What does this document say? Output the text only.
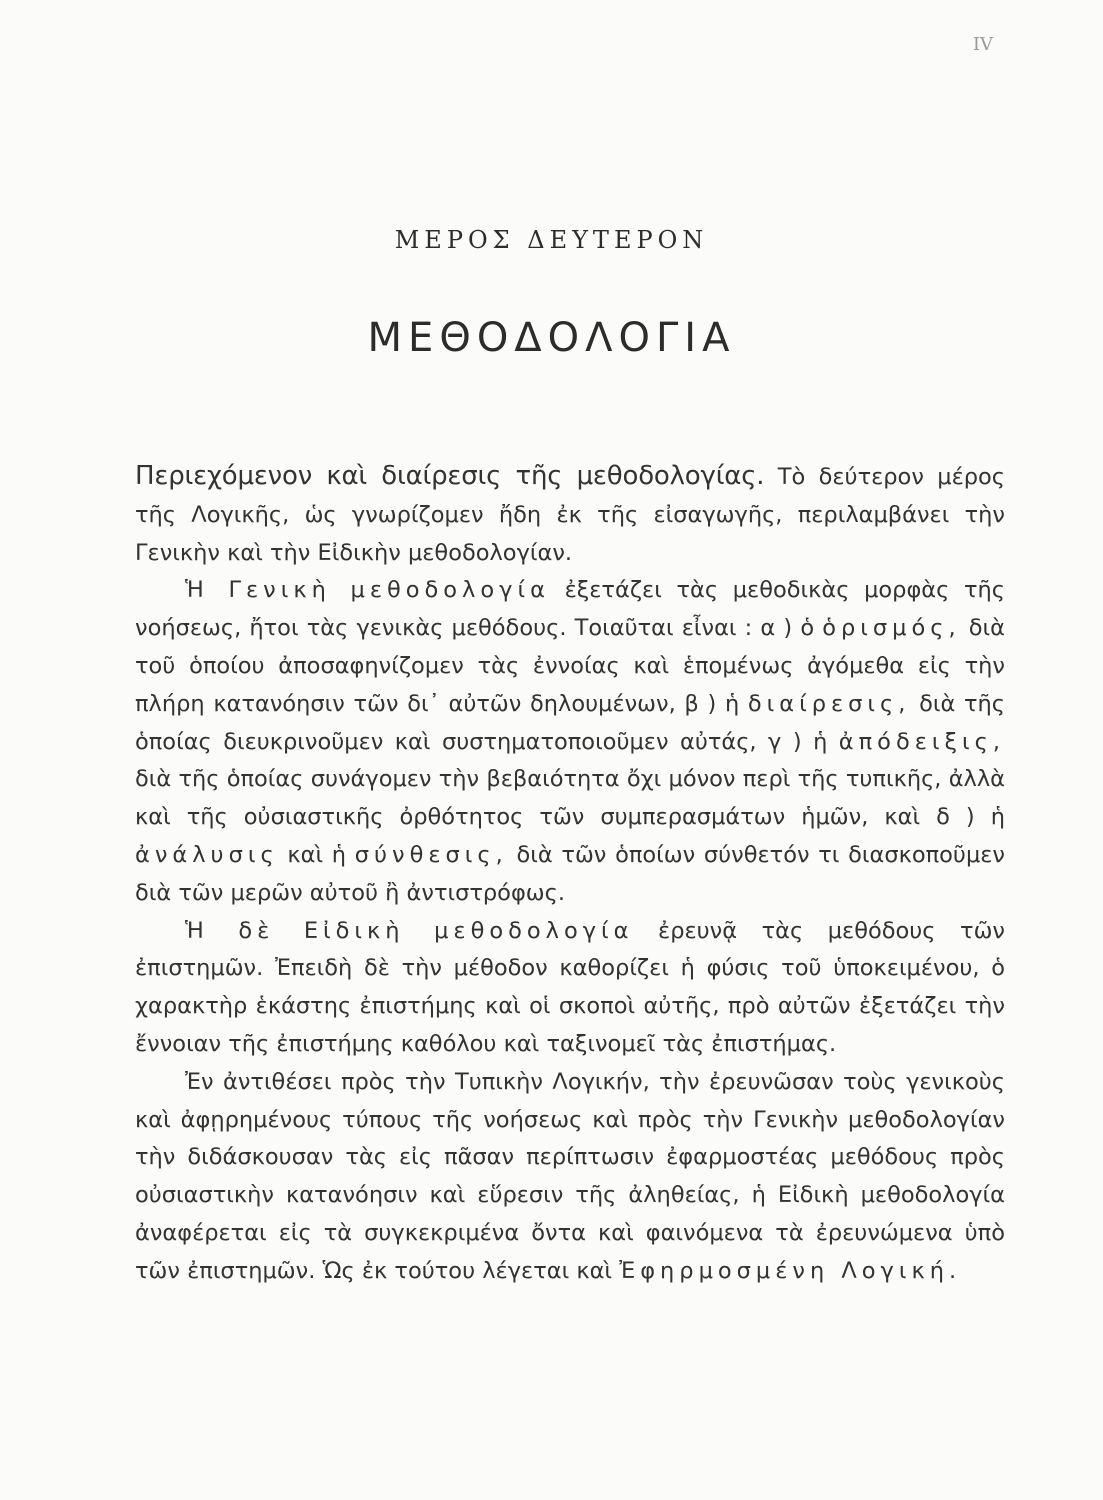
IV
ΜΕΡΟΣ ΔΕΥΤΕΡΟΝ
ΜΕΘΟΔΟΛΟΓΙΑ

Περιεχόμενον καὶ διαίρεσις τῆς μεθοδολογίας. Τὸ δεύτερον μέρος τῆς Λογικῆς, ὡς γνωρίζομεν ἤδη ἐκ τῆς εἰσαγωγῆς, περιλαμβάνει τὴν Γενικὴν καὶ τὴν Εἰδικὴν μεθοδολογίαν.

Ἡ Γενικὴ μεθοδολογία ἐξετάζει τὰς μεθοδικὰς μορφὰς τῆς νοήσεως, ἤτοι τὰς γενικὰς μεθόδους. Τοιαῦται εἶναι : α ) ὁ ὁρισμός, διὰ τοῦ ὁποίου ἀποσαφηνίζομεν τὰς ἐννοίας καὶ ἑπομένως ἀγόμεθα εἰς τὴν πλήρη κατανόησιν τῶν δι᾽ αὐτῶν δηλουμένων, β ) ἡ διαίρεσις, διὰ τῆς ὁποίας διευκρινοῦμεν καὶ συστηματοποιοῦμεν αὐτάς, γ ) ἡ ἀπόδειξις, διὰ τῆς ὁποίας συνάγομεν τὴν βεβαιότητα ὄχι μόνον περὶ τῆς τυπικῆς, ἀλλὰ καὶ τῆς οὐσιαστικῆς ὀρθότητος τῶν συμπερασμάτων ἡμῶν, καὶ δ ) ἡ ἀνάλυσις καὶ ἡ σύνθεσις, διὰ τῶν ὁποίων σύνθετόν τι διασκοποῦμεν διὰ τῶν μερῶν αὐτοῦ ἢ ἀντιστρόφως.

Ἡ δὲ Εἰδικὴ μεθοδολογία ἐρευνᾷ τὰς μεθόδους τῶν ἐπιστημῶν. Ἐπειδὴ δὲ τὴν μέθοδον καθορίζει ἡ φύσις τοῦ ὑποκειμένου, ὁ χαρακτὴρ ἑκάστης ἐπιστήμης καὶ οἱ σκοποὶ αὐτῆς, πρὸ αὐτῶν ἐξετάζει τὴν ἔννοιαν τῆς ἐπιστήμης καθόλου καὶ ταξινομεῖ τὰς ἐπιστήμας.

Ἐν ἀντιθέσει πρὸς τὴν Τυπικὴν Λογικήν, τὴν ἐρευνῶσαν τοὺς γενικοὺς καὶ ἀφῃρημένους τύπους τῆς νοήσεως καὶ πρὸς τὴν Γενικὴν μεθοδολογίαν τὴν διδάσκουσαν τὰς εἰς πᾶσαν περίπτωσιν ἐφαρμοστέας μεθόδους πρὸς οὐσιαστικὴν κατανόησιν καὶ εὕρεσιν τῆς ἀληθείας, ἡ Εἰδικὴ μεθοδολογία ἀναφέρεται εἰς τὰ συγκεκριμένα ὄντα καὶ φαινόμενα τὰ ἐρευνώμενα ὑπὸ τῶν ἐπιστημῶν. Ὡς ἐκ τούτου λέγεται καὶ Ἐφηρμοσμένη Λογική.
